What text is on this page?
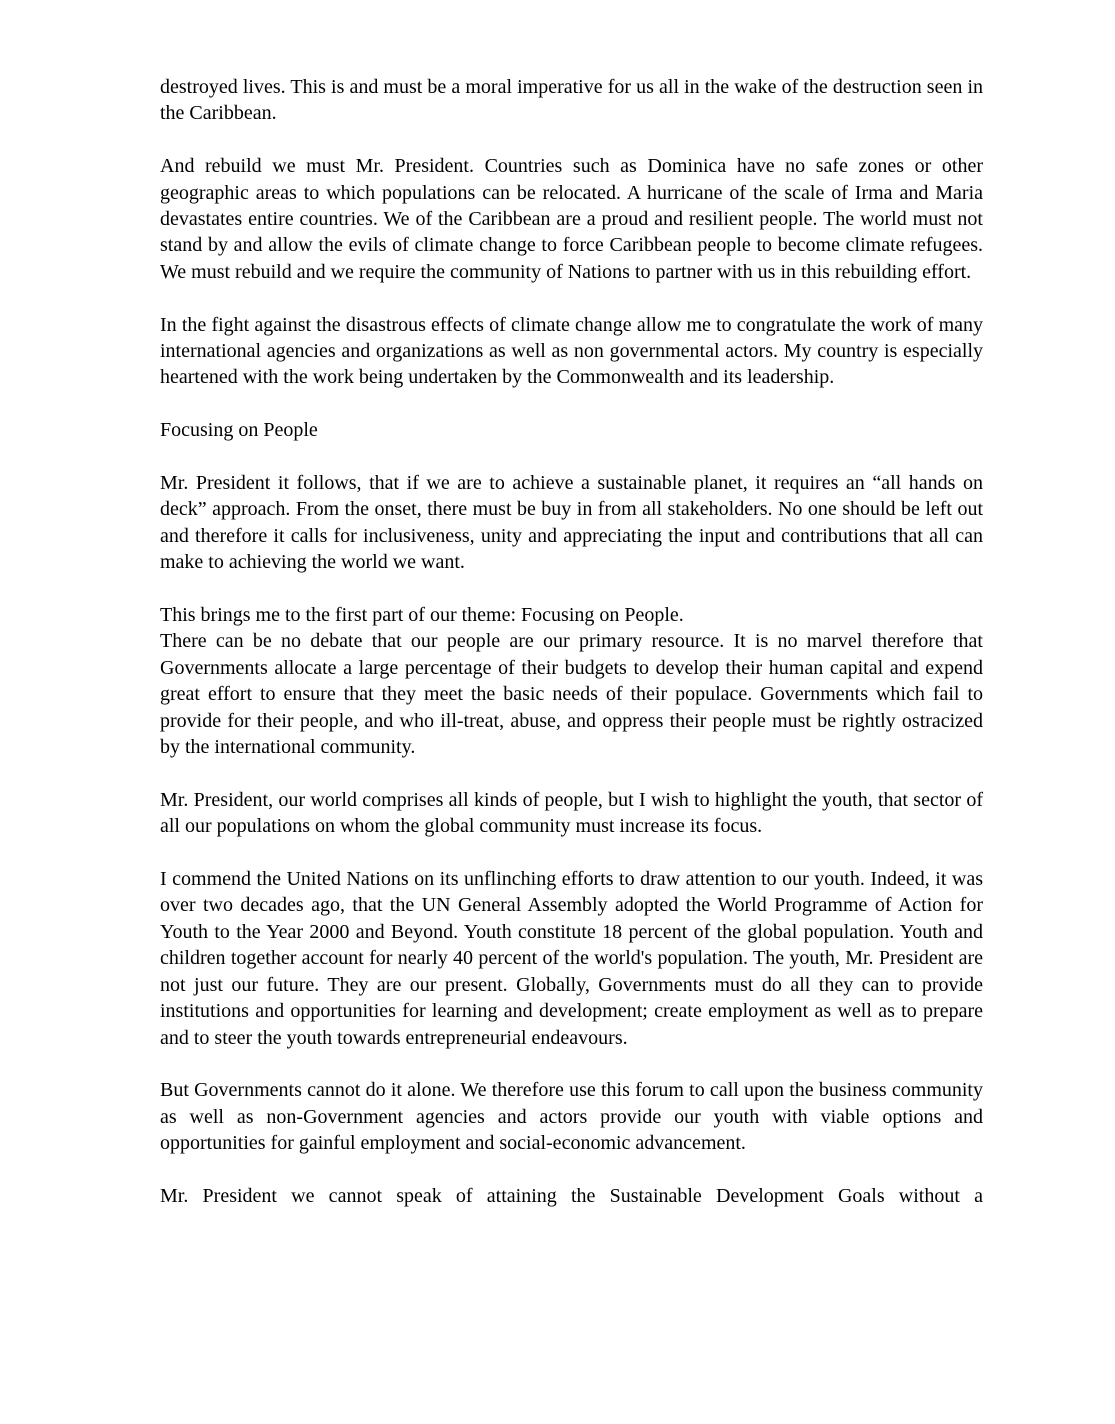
destroyed lives. This is and must be a moral imperative for us all in the wake of the destruction seen in the Caribbean.

And rebuild we must Mr. President. Countries such as Dominica have no safe zones or other geographic areas to which populations can be relocated. A hurricane of the scale of Irma and Maria devastates entire countries. We of the Caribbean are a proud and resilient people. The world must not stand by and allow the evils of climate change to force Caribbean people to become climate refugees. We must rebuild and we require the community of Nations to partner with us in this rebuilding effort.

In the fight against the disastrous effects of climate change allow me to congratulate the work of many international agencies and organizations as well as non governmental actors. My country is especially heartened with the work being undertaken by the Commonwealth and its leadership.

Focusing on People

Mr. President it follows, that if we are to achieve a sustainable planet, it requires an “all hands on deck” approach. From the onset, there must be buy in from all stakeholders. No one should be left out and therefore it calls for inclusiveness, unity and appreciating the input and contributions that all can make to achieving the world we want.

This brings me to the first part of our theme: Focusing on People.

There can be no debate that our people are our primary resource. It is no marvel therefore that Governments allocate a large percentage of their budgets to develop their human capital and expend great effort to ensure that they meet the basic needs of their populace. Governments which fail to provide for their people, and who ill-treat, abuse, and oppress their people must be rightly ostracized by the international community.

Mr. President, our world comprises all kinds of people, but I wish to highlight the youth, that sector of all our populations on whom the global community must increase its focus.

I commend the United Nations on its unflinching efforts to draw attention to our youth. Indeed, it was over two decades ago, that the UN General Assembly adopted the World Programme of Action for Youth to the Year 2000 and Beyond. Youth constitute 18 percent of the global population. Youth and children together account for nearly 40 percent of the world's population. The youth, Mr. President are not just our future. They are our present. Globally, Governments must do all they can to provide institutions and opportunities for learning and development; create employment as well as to prepare and to steer the youth towards entrepreneurial endeavours.

But Governments cannot do it alone. We therefore use this forum to call upon the business community as well as non-Government agencies and actors provide our youth with viable options and opportunities for gainful employment and social-economic advancement.

Mr. President we cannot speak of attaining the Sustainable Development Goals without a
